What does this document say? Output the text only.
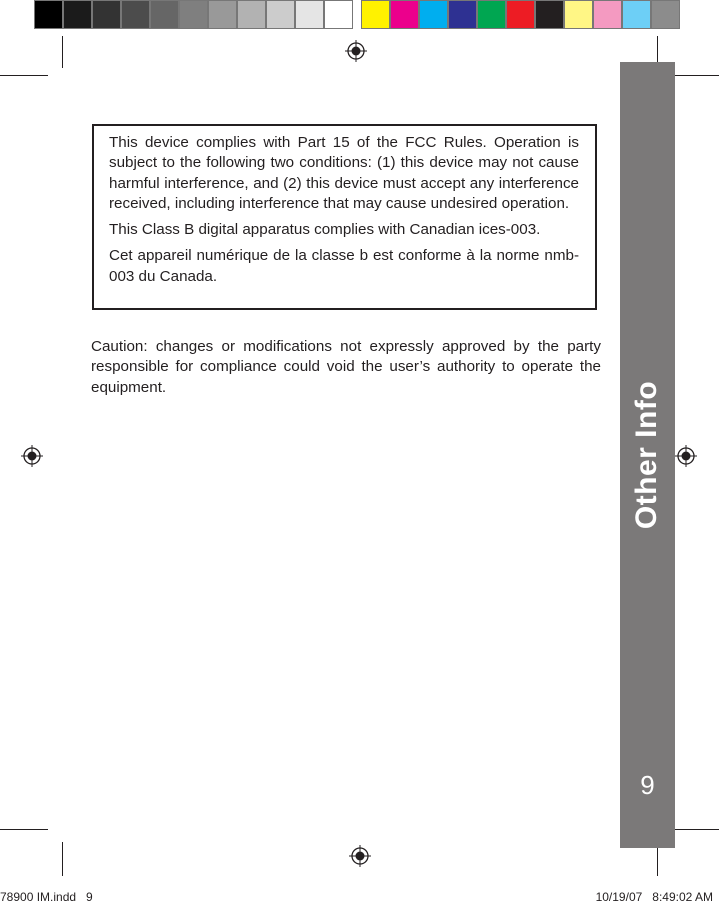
Other Info
9

This device complies with Part 15 of the FCC Rules. Operation is subject to the following two conditions: (1) this device may not cause harmful interference, and (2) this device must accept any interference received, including interference that may cause undesired operation.

This Class B digital apparatus complies with Canadian ices-003.

Cet appareil numérique de la classe b est conforme à la norme nmb-003 du Canada.

Caution: changes or modifications not expressly approved by the party responsible for compliance could void the user’s authority to operate the equipment.

78900 IM.indd   9	10/19/07   8:49:02 AM
